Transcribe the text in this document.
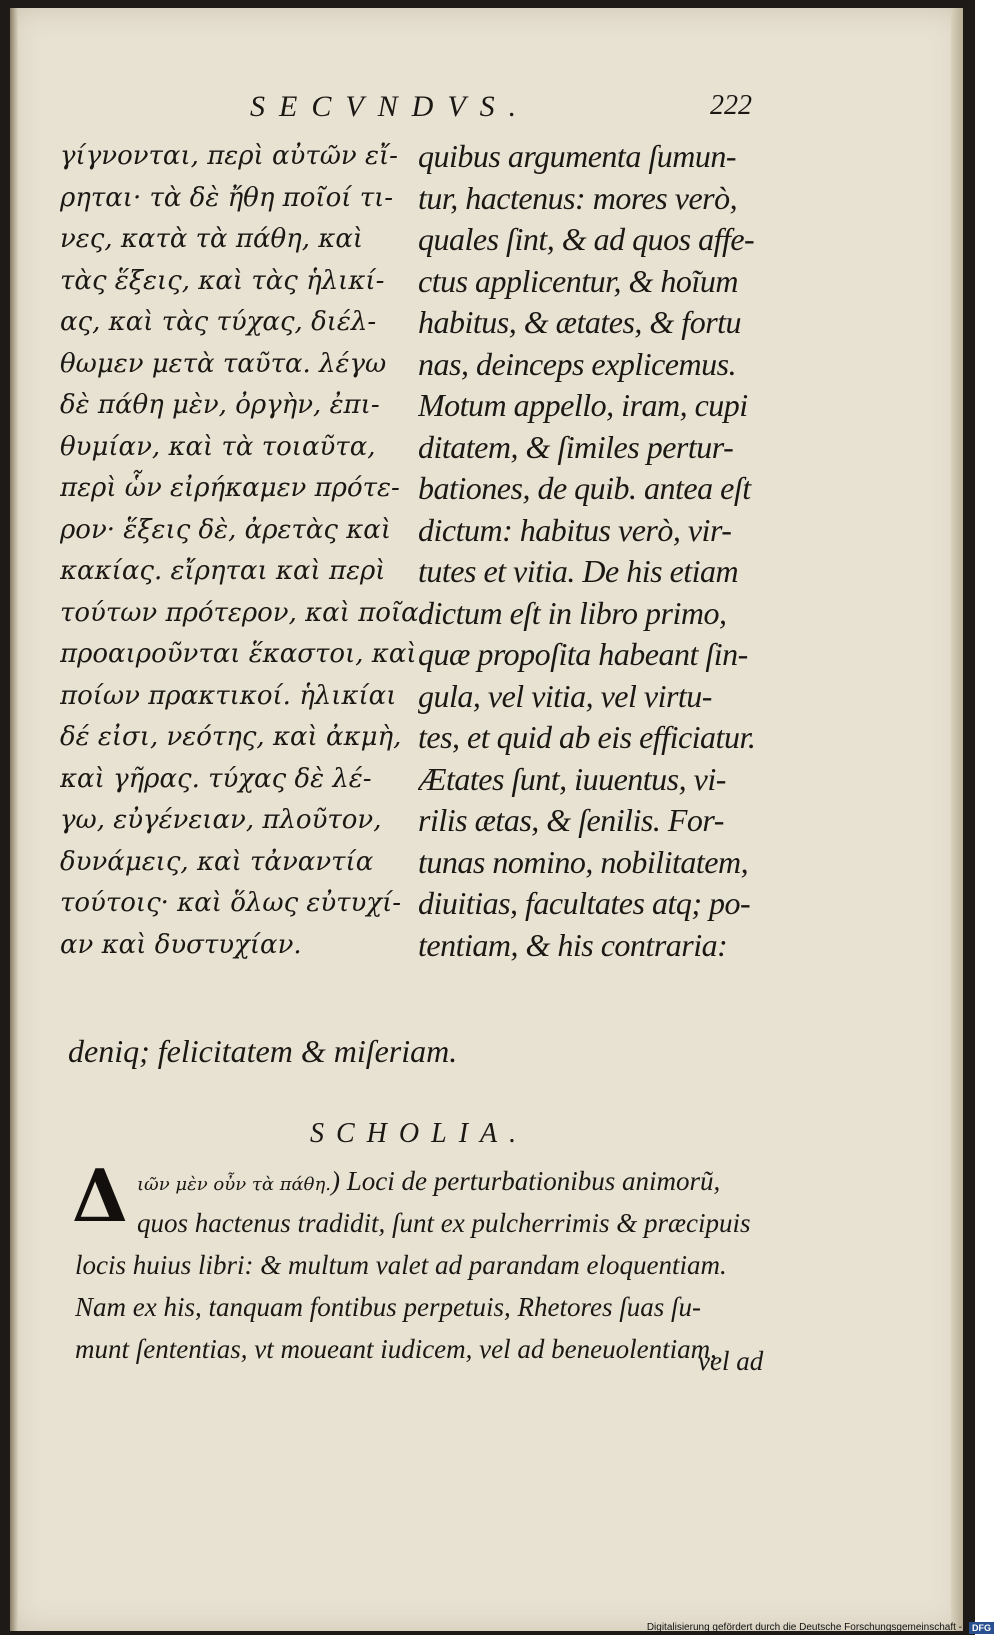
SECVNDVS.	222
γίγνονται, περὶ αὐτῶν εἴ-
ρηται· τὰ δὲ ἤθη ποῖοί τι-
νες, κατὰ τὰ πάθη, καὶ
τὰς ἕξεις, καὶ τὰς ἡλικί-
ας, καὶ τὰς τύχας, διέλ-
θωμεν μετὰ ταῦτα. λέγω
δὲ πάθη μὲν, ὀργὴν, ἐπι-
θυμίαν, καὶ τὰ τοιαῦτα,
περὶ ὧν εἰρήκαμεν πρότε-
ρον· ἕξεις δὲ, ἀρετὰς καὶ
κακίας. εἴρηται καὶ περὶ
τούτων πρότερον, καὶ ποῖα
προαιροῦνται ἕκαστοι, καὶ
ποίων πρακτικοί. ἡλικίαι
δέ εἰσι, νεότης, καὶ ἀκμὴ,
καὶ γῆρας. τύχας δὲ λέ-
γω, εὐγένειαν, πλοῦτον,
δυνάμεις, καὶ τἀναντία
τούτοις· καὶ ὅλως εὐτυχί-
αν καὶ δυστυχίαν.
quibus argumenta ſumun-
tur, hactenus: mores verò,
quales ſint, & ad quos affe-
ctus applicentur, & hoĩum
habitus, & ætates, & fortu
nas, deinceps explicemus.
Motum appello, iram, cupi
ditatem, & ſimiles pertur-
bationes, de quib. antea eſt
dictum: habitus verò, vir-
tutes et vitia. De his etiam
dictum eſt in libro primo,
quæ propoſita habeant ſin-
gula, vel vitia, vel virtu-
tes, et quid ab eis efficiatur.
Ætates ſunt, iuuentus, vi-
rilis ætas, & ſenilis. For-
tunas nomino, nobilitatem,
diuitias, facultates atq; po-
tentiam, & his contraria:
deniq; felicitatem & miſeriam.
SCHOLIA.
Δ ιῶν μὲν οὖν τὰ πάθη.) Loci de perturbationibus animorũ,
quos hactenus tradidit, ſunt ex pulcherrimis & præcipuis
locis huius libri: & multum valet ad parandam eloquentiam.
Nam ex his, tanquam fontibus perpetuis, Rhetores ſuas ſu-
munt ſententias, vt moueant iudicem, vel ad beneuolentiam,
vel ad
Digitalisierung gefördert durch die Deutsche Forschungsgemeinschaft -	DFG
